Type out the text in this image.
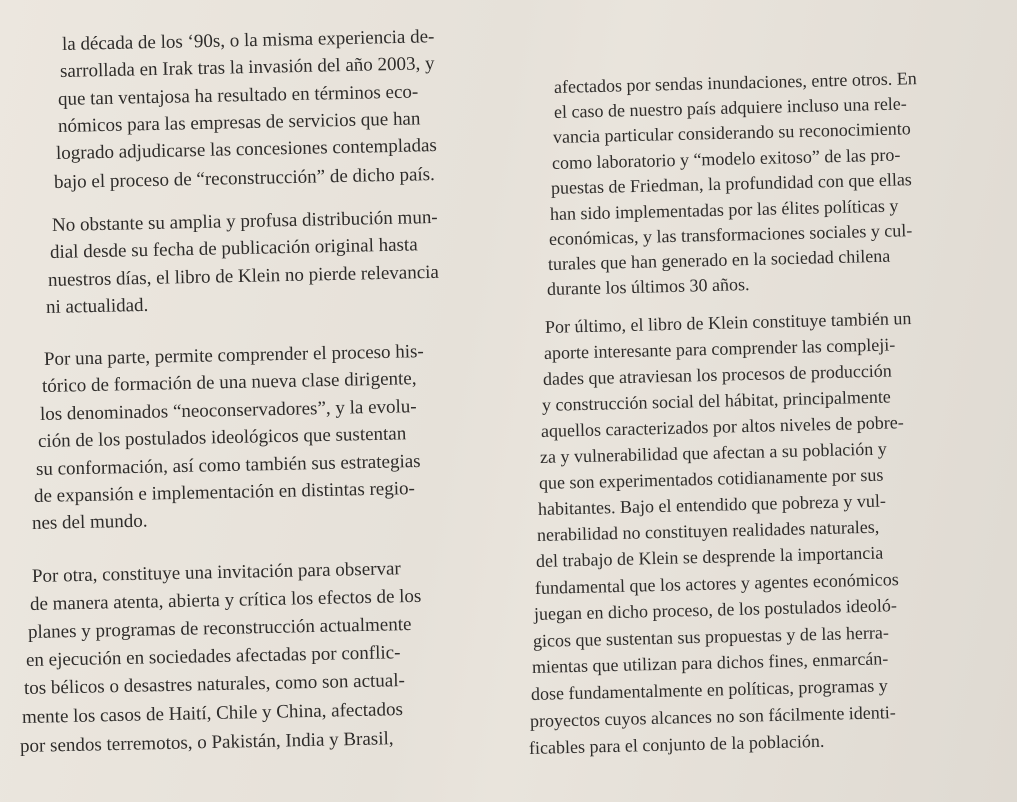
la década de los ‘90s, o la misma experiencia de-
sarrollada en Irak tras la invasión del año 2003, y
que tan ventajosa ha resultado en términos eco-
nómicos para las empresas de servicios que han
logrado adjudicarse las concesiones contempladas
bajo el proceso de “reconstrucción” de dicho país.
No obstante su amplia y profusa distribución mun-
dial desde su fecha de publicación original hasta
nuestros días, el libro de Klein no pierde relevancia
ni actualidad.
Por una parte, permite comprender el proceso his-
tórico de formación de una nueva clase dirigente,
los denominados “neoconservadores”, y la evolu-
ción de los postulados ideológicos que sustentan
su conformación, así como también sus estrategias
de expansión e implementación en distintas regio-
nes del mundo.
Por otra, constituye una invitación para observar
de manera atenta, abierta y crítica los efectos de los
planes y programas de reconstrucción actualmente
en ejecución en sociedades afectadas por conflic-
tos bélicos o desastres naturales, como son actual-
mente los casos de Haití, Chile y China, afectados
por sendos terremotos, o Pakistán, India y Brasil,
afectados por sendas inundaciones, entre otros. En
el caso de nuestro país adquiere incluso una rele-
vancia particular considerando su reconocimiento
como laboratorio y “modelo exitoso” de las pro-
puestas de Friedman, la profundidad con que ellas
han sido implementadas por las élites políticas y
económicas, y las transformaciones sociales y cul-
turales que han generado en la sociedad chilena
durante los últimos 30 años.
Por último, el libro de Klein constituye también un
aporte interesante para comprender las compleji-
dades que atraviesan los procesos de producción
y construcción social del hábitat, principalmente
aquellos caracterizados por altos niveles de pobre-
za y vulnerabilidad que afectan a su población y
que son experimentados cotidianamente por sus
habitantes. Bajo el entendido que pobreza y vul-
nerabilidad no constituyen realidades naturales,
del trabajo de Klein se desprende la importancia
fundamental que los actores y agentes económicos
juegan en dicho proceso, de los postulados ideoló-
gicos que sustentan sus propuestas y de las herra-
mientas que utilizan para dichos fines, enmarcán-
dose fundamentalmente en políticas, programas y
proyectos cuyos alcances no son fácilmente identi-
ficables para el conjunto de la población.
